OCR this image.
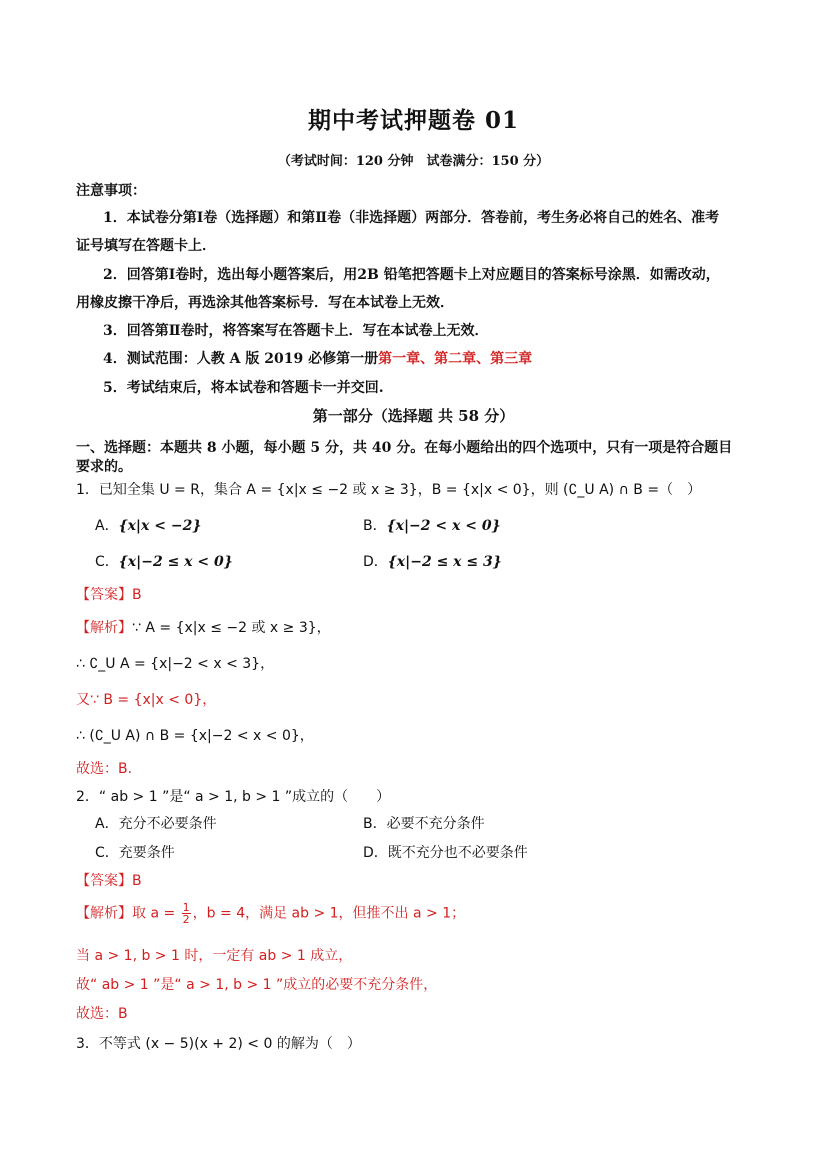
期中考试押题卷 01
（考试时间：120 分钟　试卷满分：150 分）
注意事项：
1．本试卷分第Ⅰ卷（选择题）和第Ⅱ卷（非选择题）两部分．答卷前，考生务必将自己的姓名、准考
证号填写在答题卡上．
2．回答第Ⅰ卷时，选出每小题答案后，用2B 铅笔把答题卡上对应题目的答案标号涂黑．如需改动，
用橡皮擦干净后，再选涂其他答案标号．写在本试卷上无效．
3．回答第Ⅱ卷时，将答案写在答题卡上．写在本试卷上无效．
4．测试范围：人教 A 版 2019 必修第一册第一章、第二章、第三章
5．考试结束后，将本试卷和答题卡一并交回.
第一部分（选择题 共 58 分）
一、选择题：本题共 8 小题，每小题 5 分，共 40 分。在每小题给出的四个选项中，只有一项是符合题目
要求的。
1．已知全集 U = R，集合 A = {x|x ≤ −2 或 x ≥ 3}，B = {x|x < 0}，则 (∁_U A) ∩ B =（　）
A．{x|x < −2}	B．{x|−2 < x < 0}
C．{x|−2 ≤ x < 0}	D．{x|−2 ≤ x ≤ 3}
【答案】B
【解析】∵ A = {x|x ≤ −2 或 x ≥ 3}，
∴ ∁_U A = {x|−2 < x < 3}，
又∵ B = {x|x < 0}，
∴ (∁_U A) ∩ B = {x|−2 < x < 0}，
故选：B.
2．“ ab > 1 ”是“ a > 1, b > 1 ”成立的（　　）
A．充分不必要条件	B．必要不充分条件
C．充要条件	D．既不充分也不必要条件
【答案】B
【解析】取 $a = \frac{1}{2}$ ，b = 4，满足 ab > 1，但推不出 a > 1；
当 a > 1, b > 1 时，一定有 ab > 1 成立，
故“ ab > 1 ”是“ a > 1, b > 1 ”成立的必要不充分条件，
故选：B
3．不等式 (x − 5)(x + 2) < 0 的解为（　）
